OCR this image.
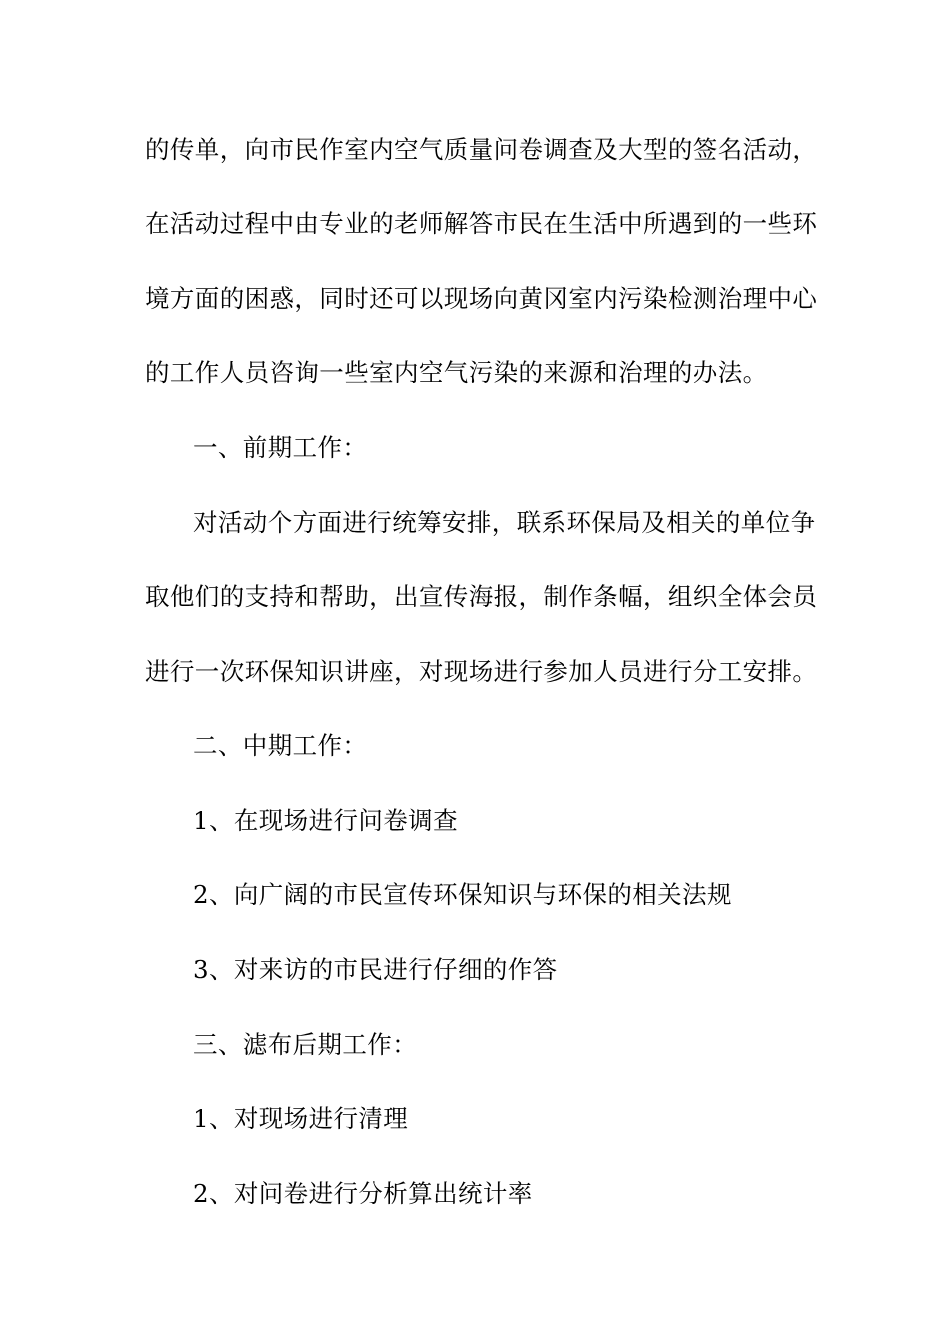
的传单，向市民作室内空气质量问卷调查及大型的签名活动，
在活动过程中由专业的老师解答市民在生活中所遇到的一些环
境方面的困惑，同时还可以现场向黄冈室内污染检测治理中心
的工作人员咨询一些室内空气污染的来源和治理的办法。
一、前期工作：
对活动个方面进行统筹安排，联系环保局及相关的单位争
取他们的支持和帮助，出宣传海报，制作条幅，组织全体会员
进行一次环保知识讲座，对现场进行参加人员进行分工安排。
二、中期工作：
1、在现场进行问卷调查
2、向广阔的市民宣传环保知识与环保的相关法规
3、对来访的市民进行仔细的作答
三、滤布后期工作：
1、对现场进行清理
2、对问卷进行分析算出统计率
